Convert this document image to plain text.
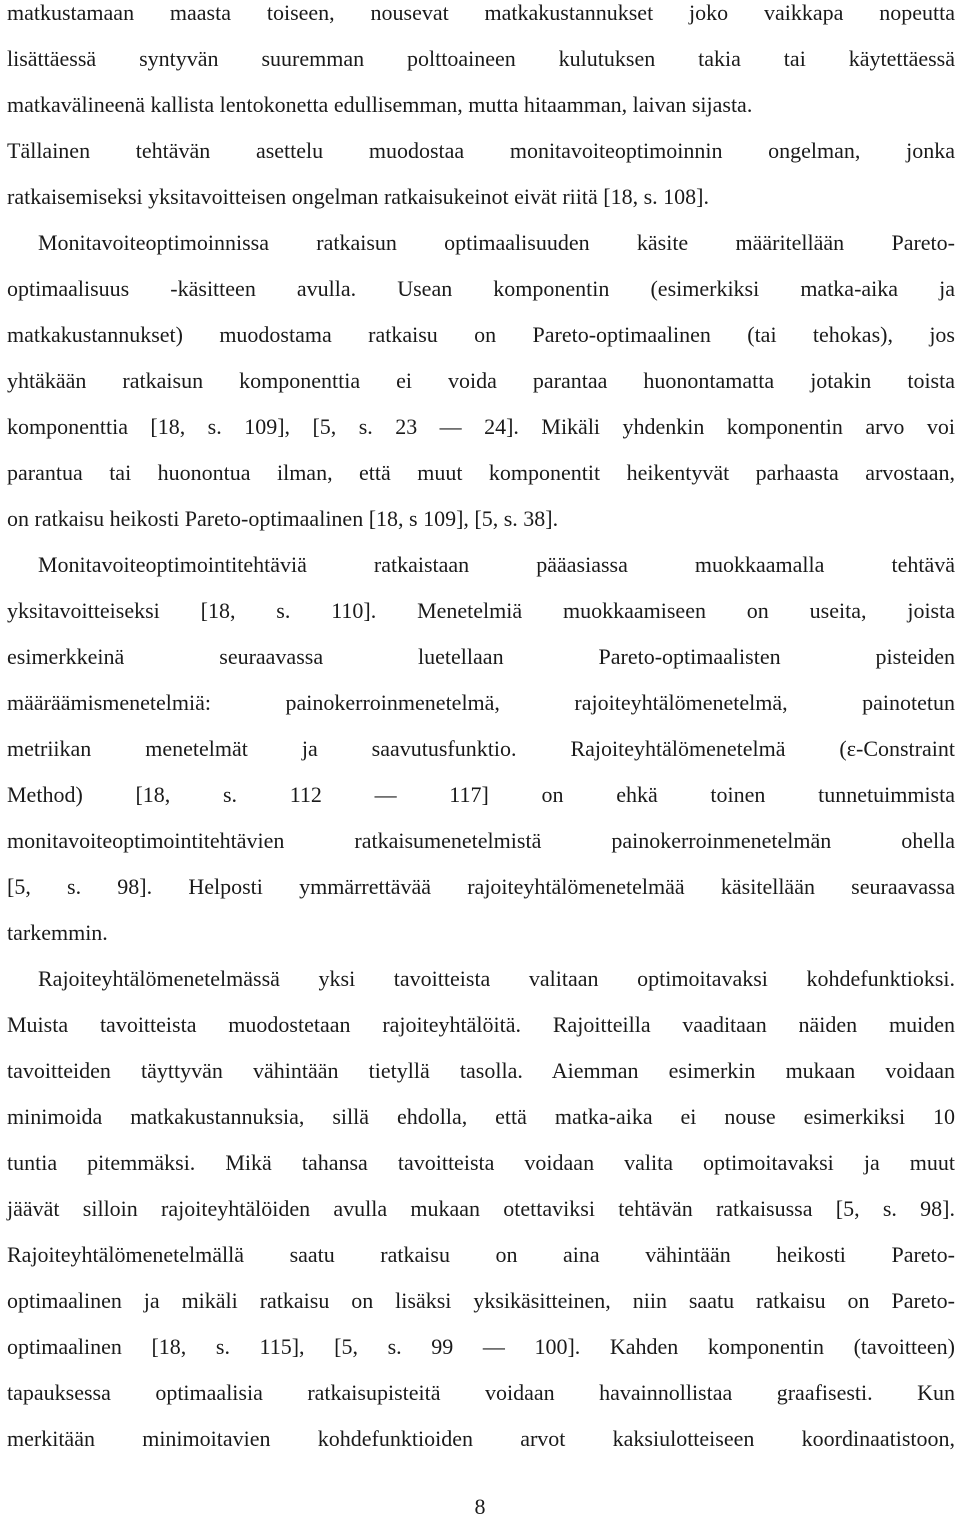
matkustamaan maasta toiseen, nousevat matkakustannukset joko vaikkapa nopeutta
lisättäessä syntyvän suuremman polttoaineen kulutuksen takia tai käytettäessä
matkavälineenä kallista lentokonetta edullisemman, mutta hitaamman, laivan sijasta.
Tällainen tehtävän asettelu muodostaa monitavoiteoptimoinnin ongelman, jonka
ratkaisemiseksi yksitavoitteisen ongelman ratkaisukeinot eivät riitä [18, s. 108].
Monitavoiteoptimoinnissa ratkaisun optimaalisuuden käsite määritellään Pareto-
optimaalisuus -käsitteen avulla. Usean komponentin (esimerkiksi matka-aika ja
matkakustannukset) muodostama ratkaisu on Pareto-optimaalinen (tai tehokas), jos
yhtäkään ratkaisun komponenttia ei voida parantaa huonontamatta jotakin toista
komponenttia [18, s. 109], [5, s. 23 — 24]. Mikäli yhdenkin komponentin arvo voi
parantua tai huonontua ilman, että muut komponentit heikentyvät parhaasta arvostaan,
on ratkaisu heikosti Pareto-optimaalinen [18, s 109], [5, s. 38].
Monitavoiteoptimointitehtäviä ratkaistaan pääasiassa muokkaamalla tehtävä
yksitavoitteiseksi [18, s. 110]. Menetelmiä muokkaamiseen on useita, joista
esimerkkeinä seuraavassa luetellaan Pareto-optimaalisten pisteiden
määräämismenetelmiä: painokerroinmenetelmä, rajoiteyhtälömenetelmä, painotetun
metriikan menetelmät ja saavutusfunktio. Rajoiteyhtälömenetelmä (ε-Constraint
Method) [18, s. 112 — 117] on ehkä toinen tunnetuimmista
monitavoiteoptimointitehtävien ratkaisumenetelmistä painokerroinmenetelmän ohella
[5, s. 98]. Helposti ymmärrettävää rajoiteyhtälömenetelmää käsitellään seuraavassa
tarkemmin.
Rajoiteyhtälömenetelmässä yksi tavoitteista valitaan optimoitavaksi kohdefunktioksi.
Muista tavoitteista muodostetaan rajoiteyhtälöitä. Rajoitteilla vaaditaan näiden muiden
tavoitteiden täyttyvän vähintään tietyllä tasolla. Aiemman esimerkin mukaan voidaan
minimoida matkakustannuksia, sillä ehdolla, että matka-aika ei nouse esimerkiksi 10
tuntia pitemmäksi. Mikä tahansa tavoitteista voidaan valita optimoitavaksi ja muut
jäävät silloin rajoiteyhtälöiden avulla mukaan otettaviksi tehtävän ratkaisussa [5, s. 98].
Rajoiteyhtälömenetelmällä saatu ratkaisu on aina vähintään heikosti Pareto-
optimaalinen ja mikäli ratkaisu on lisäksi yksikäsitteinen, niin saatu ratkaisu on Pareto-
optimaalinen [18, s. 115], [5, s. 99 — 100]. Kahden komponentin (tavoitteen)
tapauksessa optimaalisia ratkaisupisteitä voidaan havainnollistaa graafisesti. Kun
merkitään minimoitavien kohdefunktioiden arvot kaksiulotteiseen koordinaatistoon,
8
